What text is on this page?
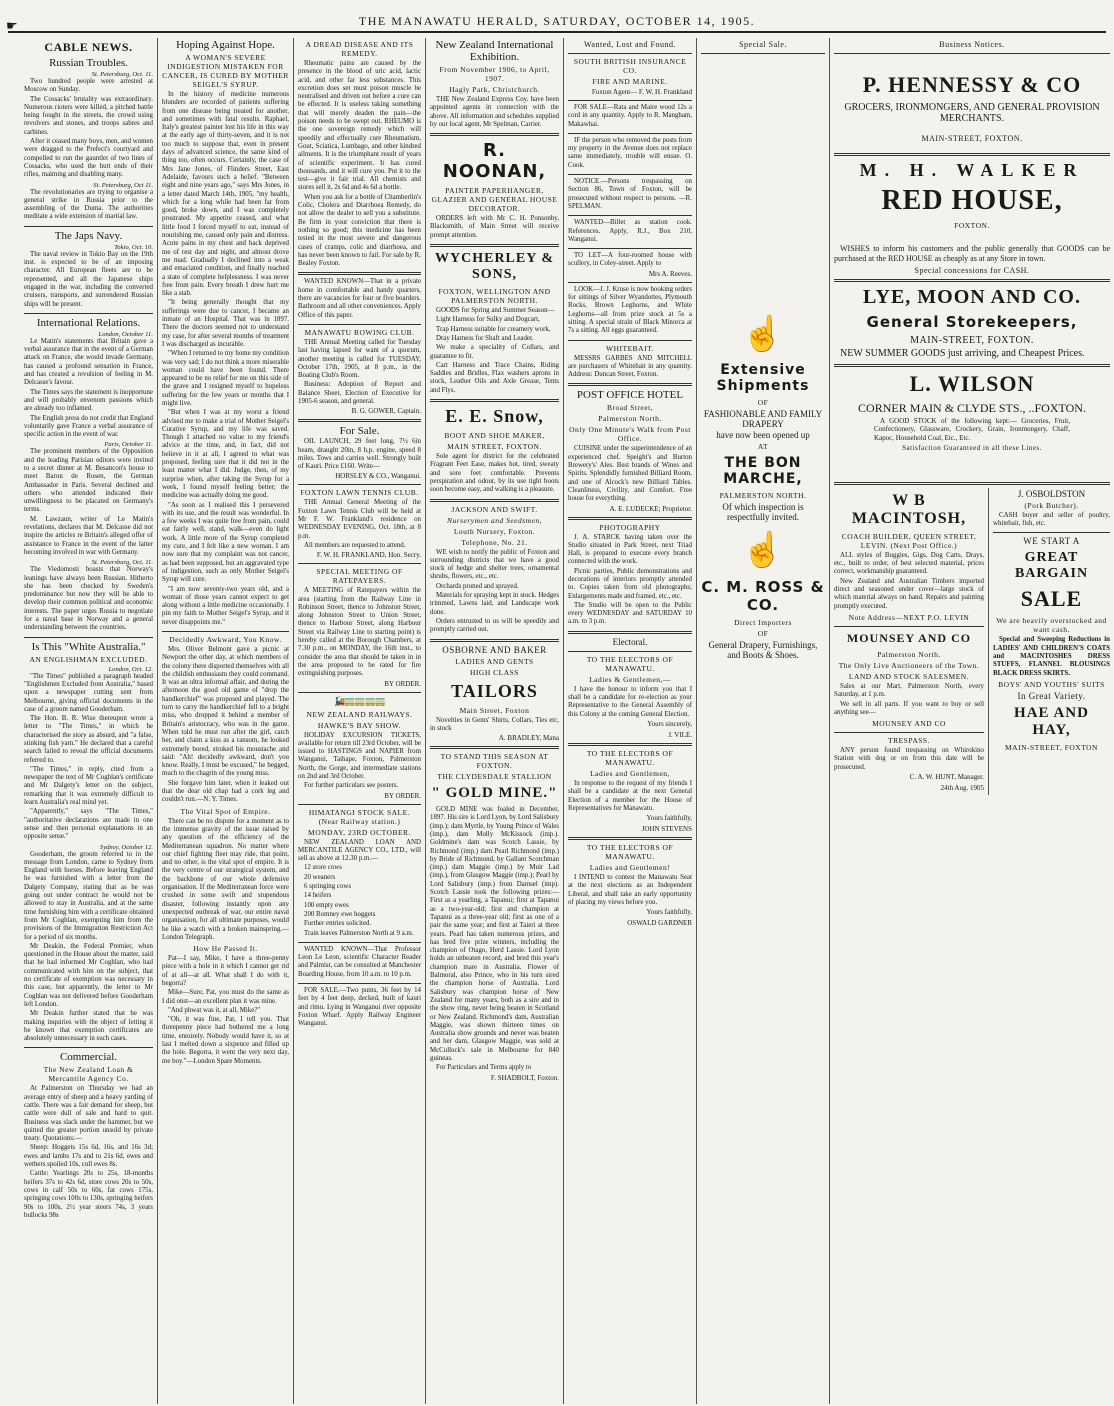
☛	THE MANAWATU HERALD, SATURDAY, OCTOBER 14, 1905.
CABLE NEWS.
Russian Troubles.
St. Petersburg, Oct. 11.

Two hundred people were arrested at Moscow on Sunday.

The Cossacks' brutality was extraordinary. Numerous rioters were killed, a pitched battle being fought in the streets, the crowd using revolvers and stones, and troops sabres and carbines.

After it ceased many boys, men, and women were dragged to the Prefect's courtyard and compelled to run the gauntlet of two lines of Cossacks, who used the butt ends of their rifles, maiming and disabling many.

St. Petersburg, Oct 11.

The revolutionaries are trying to organise a general strike in Russia prior to the assembling of the Duma. The authorities meditate a wide extension of martial law.

The Japs Navy.
Tokio, Oct. 10.

The naval review in Tokio Bay on the 19th inst. is expected to be of an imposing character. All European fleets are to be represented, and all the Japanese ships engaged in the war, including the converted cruisers, transports, and surrendered Russian ships will be present.

International Relations.
London, October 11.

Le Matin's statements that Britain gave a verbal assurance that in the event of a German attack on France, she would invade Germany, has caused a profound sensation in France, and has created a revulsion of feeling in M. Delcasse's favour.

The Times says the statement is inopportune and will probably envenom passions which are already too inflamed.

The English press do not credit that England voluntarily gave France a verbal assurance of specific action in the event of war.

Paris, October 11.

The prominent members of the Opposition and the leading Parisian editors were invited to a secret dinner at M. Besancon's house to meet Baron de Rosen, the German Ambassador in Paris. Several declined and others who attended indicated their unwillingness to be placated on Germany's terms.

M. Lawzaun, writer of Le Matin's revelations, declares that M. Delcasse did not inspire the articles re Britain's alleged offer of assistance to France in the event of the latter becoming involved in war with Germany.

St. Petersburg, Oct. 11.

The Viedomosti boasts that Norway's leanings have always been Russian. Hitherto she has been checked by Sweden's predominance but now they will be able to develop their common political and economic interests. The paper urges Russia to negotiate for a naval base in Norway and a general understanding between the countries.

Is This "White Australia."
AN ENGLISHMAN EXCLUDED.
London, Oct. 12.

"The Times" published a paragraph headed "Englishmen Excluded from Australia," based upon a newspaper cutting sent from Melbourne, giving official documents in the case of a groom named Gooderham.

The Hon. B. R. Wise thereupon wrote a letter to "The Times," in which he characterised the story as absurd, and "a false, stinking fish yarn." He declared that a careful search failed to reveal the official documents referred to.

"The Times," in reply, cited from a newspaper the text of Mr Coghlan's certificate and Mr Dalgety's letter on the subject, remarking that it was extremely difficult to learn Australia's real mind yet.

"Apparently," says "The Times," "authoritative declarations are made in one sense and then personal explanations in an opposite sense."

Sydney, October 12.

Gooderham, the groom referred to in the message from London, came to Sydney from England with horses. Before leaving England he was furnished with a letter from the Dalgety Company, stating that as he was going out under contract he would not be allowed to stay in Australia, and at the same time furnishing him with a certificate obtained from Mr Coghlan, exempting him from the provisions of the Immigration Restriction Act for a period of six months.

Mr Deakin, the Federal Premier, when questioned in the House about the matter, said that he had informed Mr Coghlan, who had communicated with him on the subject, that no certificate of exemption was necessary in this case, but apparently, the letter to Mr Coghlan was not delivered before Gooderham left London.

Mr Deakin further stated that he was making inquiries with the object of letting it be known that exemption certificates are absolutely unnecessary in such cases.

Commercial.
The New Zealand Loan & Mercantile Agency Co.

At Palmerston on Thursday we had an average entry of sheep and a heavy yarding of cattle. There was a fair demand for sheep, but cattle were dull of sale and hard to quit. Business was slack under the hammer, but we quitted the greater portion unsold by private treaty. Quotations:—

Sheep: Hoggets 15s 6d, 16s, and 16s 3d; ewes and lambs 17s and to 21s 6d, ewes and wethers spoiled 10s, cull ewes 8s.

Cattle: Yearlings 20s to 25s, 18-months heifers 37s to 42s 6d, store cows 20s to 50s, cows in calf 50s to 60s, fat cows 175s, springing cows 100s to 130s, springing heifers 90s to 100s, 2½ year steers 74s, 3 years bullocks 98s

Hoping Against Hope.
A WOMAN'S SEVERE INDIGESTION MISTAKEN FOR CANCER, IS CURED BY MOTHER SEIGEL'S SYRUP.

In the history of medicine numerous blunders are recorded of patients suffering from one disease being treated for another, and sometimes with fatal results. Raphael, Italy's greatest painter lost his life in this way at the early age of thirty-seven, and it is not too much to suppose that, even in present days of advanced science, the same kind of thing too, often occurs. Certainly, the case of Mrs Jane Jones, of Flinders Street, East Adelaide, favours such a belief. "Between eight and nine years ago," says Mrs Jones, in a letter dated March 14th, 1905, "my health, which for a long while had been far from good, broke down, and I was completely prostrated. My appetite ceased, and what little food I forced myself to eat, instead of nourishing me, caused only pain and distress. Acute pains in my chest and back deprived me of rest day and night, and almost drove me mad. Gradually I declined into a weak and emaciated condition, and finally reached a state of complete helplessness. I was never free from pain. Every breath I drew hurt me like a stab.

"It being generally thought that my sufferings were due to cancer, I became an inmate of an Hospital. That was in 1897. There the doctors seemed not to understand my case, for after several months of treatment I was discharged as incurable.

"When I returned to my home my condition was very sad; I do not think a more miserable woman could have been found. There appeared to be no relief for me on this side of the grave and I resigned myself to hopeless suffering for the few years or months that I might live.

"But when I was at my worst a friend advised me to make a trial of Mother Seigel's Curative Syrup, and my life was saved. Though I attached no value to my friend's advice at the time, and, in fact, did not believe in it at all, I agreed to what was proposed, feeling sure that it did not in the least matter what I did. Judge, then, of my surprise when, after taking the Syrup for a week, I found myself feeling better; the medicine was actually doing me good.

"As soon as I realised this I persevered with its use, and the result was wonderful. In a few weeks I was quite free from pain, could eat fairly well, stand, walk—even do light work. A little more of the Syrup completed my cure, and I felt like a new woman. I am now sure that my complaint was not cancer, as had been supposed, but an aggravated type of indigestion, such as only Mother Seigel's Syrup will cure.

"I am now seventy-two years old, and a woman of those years cannot expect to get along without a little medicine occasionally. I pin my faith to Mother Seigel's Syrup, and it never disappoints me."

Decidedly Awkward, You Know.

Mrs. Oliver Belmont gave a picnic at Newport the other day, at which members of the colony there disported themselves with all the childish enthusiasm they could command. It was an ultra informal affair, and during the afternoon the good old game of "drop the handkerchief" was proposed and played. The turn to carry the handkerchief fell to a bright miss, who dropped it behind a member of Britain's aristocracy, who was in the game. When told he must run after the girl, catch her, and claim a kiss as a ransom, he looked extremely bored, stroked his moustache and said: "Ah! decidedly awkward, don't you know. Really, I must be excused," he begged, much to the chagrin of the young miss.

She forgave him later, when it leaked out that the dear old chap had a cork leg and couldn't run.—N. Y. Times.

The Vital Spot of Empire.

There can be no dispute for a moment as to the immense gravity of the issue raised by any question of the efficiency of the Mediterranean squadron. No matter where our chief fighting fleet may ride, that point, and no other, is the vital spot of empire. It is the very centre of our strategical system, and the backbone of our whole defensive organisation. If the Mediterranean force were crushed in some swift and stupendous disaster, following instantly upon any unexpected outbreak of war, our entire naval organisation, for all ultimate purposes, would be like a watch with a broken mainspring.—London Telegraph.

How He Passed It.

Pat—I say, Mike, I have a three-penny piece with a hole in it which I cannot get rid of at all—at all. What shall I do with it, begorra?

Mike—Sure, Pat, you must do the same as I did onst—an excellent plan it was mine.

"And phwat was it, at all, Mike?"

"Oh, it was fine, Pat, I tell you. That threepenny piece had bothered me a long time, entoirely. Nobody would have it, so at last I melted down a sixpence and filled up the hole. Begorra, it went the very next day, me boy."—London Spare Moments.

A DREAD DISEASE AND ITS REMEDY.

Rheumatic pains are caused by the presence in the blood of uric acid, lactic acid, and other far less substances. This excretion does set must poison muscle be neutralised and driven out before a cure can be effected. It is useless taking something that will merely deaden the pain—the poison needs to be swept out. RHEUMO is the one sovereign remedy which will speedily and effectually cure Rheumatism, Gout, Sciatica, Lumbago, and other kindred ailments. It is the triumphant result of years of scientific experiment. It has cured thousands, and it will cure you. Put it to the test—give it fair trial. All chemists and stores sell it, 2s 6d and 4s 6d a bottle.

When you ask for a bottle of Chamberlin's Colic, Cholera and Diarrhoea Remedy, do not allow the dealer to sell you a substitute. Be firm in your conviction that there is nothing so good; this medicine has been tested in the most severe and dangerous cases of cramps, colic and diarrhoea, and has never been known to fail. For sale by R. Bealey Foxton.

WANTED KNOWN—That in a private home in comfortable and handy quarters, there are vacancies for four or five boarders. Bathroom and all other conveniences. Apply Office of this paper.

MANAWATU ROWING CLUB.

THE Annual Meeting called for Tuesday last having lapsed for want of a quorum, another meeting is called for TUESDAY, October 17th, 1905, at 8 p.m., in the Boating Club's Room.

Business: Adoption of Report and Balance Sheet, Election of Executive for 1905-6 season, and general.

B. G. GOWER, Captain.
For Sale.

OIL LAUNCH, 29 feet long, 7½ 6in beam, draught 20in, 8 h.p. engine, speed 8 miles. Tows and carries well. Strongly built of Kauri. Price £160. Write—

HORSLEY & CO., Wanganui.
FOXTON LAWN TENNIS CLUB.

THE Annual General Meeting of the Foxton Lawn Tennis Club will be held at Mr F. W. Frankland's residence on WEDNESDAY EVENING, Oct. 18th, at 8 p.m.

All members are requested to attend.

F. W. H. FRANKLAND, Hon. Secry.
SPECIAL MEETING OF RATEPAYERS.

A MEETING of Ratepayers within the area (starting from the Railway Line in Robinson Street, thence to Johnston Street, along Johnston Street to Union Street, thence to Harbour Street, along Harbour Street via Railway Line to starting point) is hereby called at the Borough Chambers, at 7.30 p.m., on MONDAY, the 16th inst., to consider the area that should be taken in in the area proposed to be rated for fire extinguishing purposes.

BY ORDER.
🚂🚃🚃🚃🚃
NEW ZEALAND RAILWAYS.
HAWKE'S BAY SHOW.

HOLIDAY EXCURSION TICKETS, available for return till 23rd October, will be issued to HASTINGS and NAPIER from Wanganui, Taihape, Foxton, Palmerston North, the Gorge, and intermediate stations on 2nd and 3rd October.

For further particulars see posters.

BY ORDER.
HIMATANGI STOCK SALE. (Near Railway station.)
MONDAY, 23RD OCTOBER.

NEW ZEALAND LOAN AND MERCANTILE AGENCY CO., LTD., will sell as above at 12.30 p.m.—

12 store cows

20 weaners

6 springing cows

14 heifers

100 empty ewes

200 Romney ewe hoggets

Further entries solicited.

Train leaves Palmerston North at 9 a.m.

WANTED KNOWN—That Professor Leon Le Leon, scientific Character Reader and Palmist, can be consulted at Manchester Boarding House, from 10 a.m. to 10 p.m.

FOR SALE.—Two punts, 36 feet by 14 feet by 4 feet deep, decked, built of kauri and rimu. Lying in Wanganui river opposite Foxton Wharf. Apply Railway Engineer Wanganui.

New Zealand International Exhibition.
From November 1906, to April, 1907.
Hagly Park, Christchurch.

THE New Zealand Express Coy. have been appointed agents in connection with the above. All information and schedules supplied by our local agent, Mr Spelman, Carrier.

R. NOONAN,
PAINTER PAPERHANGER, GLAZIER AND GENERAL HOUSE DECORATOR.

ORDERS left with Mr C. H. Ponsonby, Blacksmith, of Main Street will receive prompt attention.

WYCHERLEY & SONS,
FOXTON, WELLINGTON AND PALMERSTON NORTH.

GOODS for Spring and Summer Season—

Light Harness for Sulky and Dogcart,

Trap Harness suitable for creamery work,

Dray Harness for Shaft and Leader.

We make a speciality of Collars, and guarantee to fit.

Cart Harness and Trace Chains, Riding Saddles and Bridles, Flax washers aprons in stock, Leather Oils and Axle Grease, Tents and Flys.

E. E. Snow,
BOOT AND SHOE MAKER,
MAIN STREET, FOXTON.

Sole agent for district for the celebrated Fragrant Feet Ease, makes hot, tired, sweaty and sore feet comfortable. Prevents perspiration and odour, by its use tight boots soon become easy, and walking is a pleasure.

JACKSON AND SWIFT.
Nurserymen and Seedsmen,
Louth Nursery, Foxton.
Telephone, No. 21.

WE wish to notify the public of Foxton and surrounding districts that we have a good stock of hedge and shelter trees, ornamental shrubs, flowers, etc., etc.

Orchards pruned and sprayed.

Materials for spraying kept in stock. Hedges trimmed, Lawns laid, and Landscape work done.

Orders entrusted to us will be speedily and promptly carried out.

OSBORNE AND BAKER
LADIES AND GENTS
HIGH CLASS
TAILORS
Main Street, Foxton

Novelties in Gents' Shirts, Collars, Ties etc, in stock

A. BRADLEY, Mana
TO STAND THIS SEASON AT FOXTON.
THE CLYDESDALE STALLION
" GOLD MINE."

GOLD MINE was foaled in December, 1897. His sire is Lord Lyon, by Lord Salisbury (imp.); dam Myrtle, by Young Prince of Wales (imp.), dam Molly McKissock (imp.). Goldmine's dam was Scotch Lassie, by Richmond (imp.) dam Pearl Richmond (imp.) by Bride of Richmond, by Gallant Scotchman (imp.) dam Maggie (imp.) by Muir Lad (imp.), from Glasgow Maggie (imp.); Pearl by Lord Salisbury (imp.) from Damsel (imp). Scotch Lassie took the following prizes:—First as a yearling, a Tapanui; first at Tapanui as a two-year-old; first and champion at Tapanui as a three-year old; first as one of a pair the same year; and first at Taieri at three years. Pearl has taken numerous prizes, and has bred five prize winners, including the champion of Otago, Herd Lassie. Lord Lyon holds an unbeaten record, and bred this year's champion mare in Australia. Flower of Balmoral, also Prince, who in his turn sired the champion horse of Australia. Lord Salisbury was champion horse of New Zealand for many years, both as a sire and in the show ring, never being beaten in Scotland or New Zealand. Richmond's dam, Australian Maggie, was shown thirteen times on Australia show grounds and never was beaten and her dam, Glasgow Maggie, was sold at McCullock's sale in Melbourne for 840 guineas.

For Particulars and Terms apply to

F. SHADBOLT, Foxton.
Wanted, Lost and Found.
SOUTH BRITISH INSURANCE CO.
FIRE AND MARINE.
Foxton Agent— F. W. H. Frankland

FOR SALE—Rata and Maire wood 12s a cord in any quantity. Apply to R. Mangham, Makawhai.

IF the person who removed the posts from my property in the Avenue does not replace same immediately, trouble will ensue. O. Cook.

NOTICE.—Persons trespassing on Section 86, Town of Foxton, will be prosecuted without respect to persons. —R. SPELMAN.

WANTED—Billet as station cook. References. Apply, R.J., Box 210, Wanganui.

TO LET—A four-roomed house with scullery, in Coley-street. Apply to

Mrs A. Reeves.

LOOK—J. J. Kruse is now booking orders for sittings of Silver Wyandottes, Plymouth Rocks, Brown Leghorns, and White Leghorns—all from prize stock at 5s a sitting. A special strain of Black Minorca at 7s a sitting. All eggs guaranteed.

WHITEBAIT.

MESSRS GARBES AND MITCHELL are purchasers of Whitebait in any quantity. Address: Duncan Street, Foxton.

POST OFFICE HOTEL
Broad Street,
Palmerston North.
Only One Minute's Walk from Post Office.

CUISINE under the superintendence of an experienced chef. Speight's and Burton Brewery's' Ales. Best brands of Wines and Spirits. Splendidly furnished Billiard Room, and one of Alcock's new Billiard Tables. Cleanliness, Civility, and Comfort. Free house for everything.

A. E. LUDECKE; Proprietor.
PHOTOGRAPHY

J. A. STARCK having taken over the Studio situated in Park Street, next Triad Hall, is prepared to execute every branch connected with the work.

Picnic parties, Public demonstrations and decorations of interiors promptly attended to. Copies taken from old photographs; Enlargements made and framed, etc., etc.

The Studio will be open to the Public every WEDNESDAY and SATURDAY 10 a.m. to 3 p.m.

Electoral.
TO THE ELECTORS OF MANAWATU.
Ladies & Gentlemen,—

I have the honour to inform you that I shall be a candidate for re-election as your Representative to the General Assembly of this Colony at the coming General Election.

Yours sincerely,
J. VILE.
TO THE ELECTORS OF MANAWATU.
Ladies and Gentlemen,

In response to the request of my friends I shall be a candidate at the next General Election of a member for the House of Representatives for Manawatu.

Yours faithfully,
JOHN STEVENS
TO THE ELECTORS OF MANAWATU.
Ladies and Gentlemen!

I INTEND to contest the Manawatu Seat at the next elections as an Independent Liberal, and shall take an early opportunity of placing my views before you.

Yours faithfully,
OSWALD GARDNER
Special Sale.
☝
Extensive Shipments
OF
FASHIONABLE AND FAMILY DRAPERY
have now been opened up
AT
THE BON MARCHE,
PALMERSTON NORTH.
Of which inspection is respectfully invited.
☝
C. M. ROSS & CO.
Direct Importers
OF
General Drapery, Furnishings, and Boots & Shoes.
Business Notices.
P. HENNESSY & CO
GROCERS, IRONMONGERS, AND GENERAL PROVISION MERCHANTS.
MAIN-STREET, FOXTON.
M. H. WALKER
RED HOUSE,
FOXTON.

WISHES to inform his customers and the public generally that GOODS can be purchased at the RED HOUSE as cheaply as at any Store in town.

Special concessions for CASH.
LYE, MOON AND CO.
General Storekeepers,
MAIN-STREET, FOXTON.

NEW SUMMER GOODS just arriving, and Cheapest Prices.

L. WILSON
CORNER MAIN & CLYDE STS., ..FOXTON.

A GOOD STOCK of the following kept:— Groceries, Fruit, Confectionery, Glassware, Crockery, Grain, Ironmongery, Chaff, Kapoc, Household Coal, Etc., Etc.

Satisfaction Guaranteed in all these Lines.
W B MACINTOSH,
COACH BUILDER, QUEEN STREET, LEVIN. (Next Post Office.)

ALL styles of Buggies, Gigs, Dog Carts, Drays, etc., built to order, of best selected material, prices correct, workmanship guaranteed.

New Zealand and Australian Timbers imported direct and seasoned under cover—large stock of which material always on hand. Repairs and painting promptly executed.

Note Address—NEXT P.O. LEVIN
MOUNSEY AND CO
Palmerston North.
The Only Live Auctioneers of the Town.
LAND AND STOCK SALESMEN.

Sales at our Mart, Palmerston North, every Saturday, at 1 p.m.

We sell in all parts. If you want to buy or sell anything see—

MOUNSEY AND CO
TRESPASS.

ANY person found trespassing on Whirokino Station with dog or on from this date will be prosecuted.

C. A. W. HUNT, Manager.
24th Aug. 1905
J. OSBOLDSTON
(Pork Butcher).

CASH buyer and seller of poultry, whitebait, fish, etc.

WE START A
GREAT BARGAIN
SALE
We are heavily overstocked and want cash.

Special and Sweeping Reductions in LADIES' AND CHILDREN'S COATS and MACINTOSHES DRESS STUFFS, FLANNEL BLOUSINGS BLACK DRESS SKIRTS.

BOYS' AND YOUTHS' SUITS
In Great Variety.
HAE AND HAY,
MAIN-STREET, FOXTON
